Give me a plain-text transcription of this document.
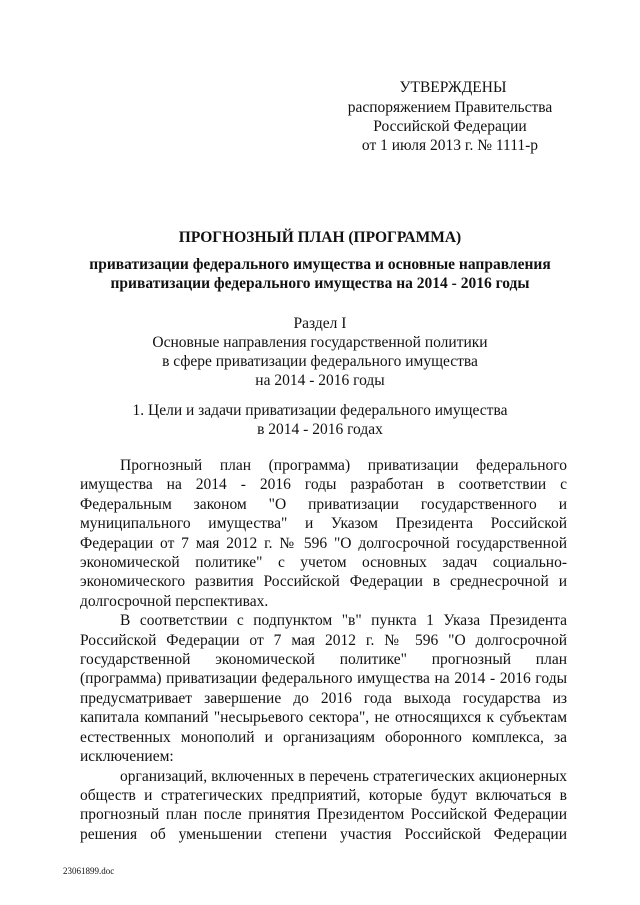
УТВЕРЖДЕНЫ
распоряжением Правительства
Российской Федерации
от 1 июля 2013 г. № 1111-р
ПРОГНОЗНЫЙ ПЛАН (ПРОГРАММА)
приватизации федерального имущества и основные направления
приватизации федерального имущества на 2014 - 2016 годы
Раздел I
Основные направления государственной политики
в сфере приватизации федерального имущества
на 2014 - 2016 годы
1. Цели и задачи приватизации федерального имущества
в 2014 - 2016 годах

Прогнозный план (программа) приватизации федерального имущества на 2014 - 2016 годы разработан в соответствии с Федеральным законом "О приватизации государственного и муниципального имущества" и Указом Президента Российской Федерации от 7 мая 2012 г. № 596 "О долгосрочной государственной экономической политике" с учетом основных задач социально-экономического развития Российской Федерации в среднесрочной и долгосрочной перспективах.

В соответствии с подпунктом "в" пункта 1 Указа Президента Российской Федерации от 7 мая 2012 г. № 596 "О долгосрочной государственной экономической политике" прогнозный план (программа) приватизации федерального имущества на 2014 - 2016 годы предусматривает завершение до 2016 года выхода государства из капитала компаний "несырьевого сектора", не относящихся к субъектам естественных монополий и организациям оборонного комплекса, за исключением:

организаций, включенных в перечень стратегических акционерных обществ и стратегических предприятий, которые будут включаться в прогнозный план после принятия Президентом Российской Федерации решения об уменьшении степени участия Российской Федерации

23061899.doc
